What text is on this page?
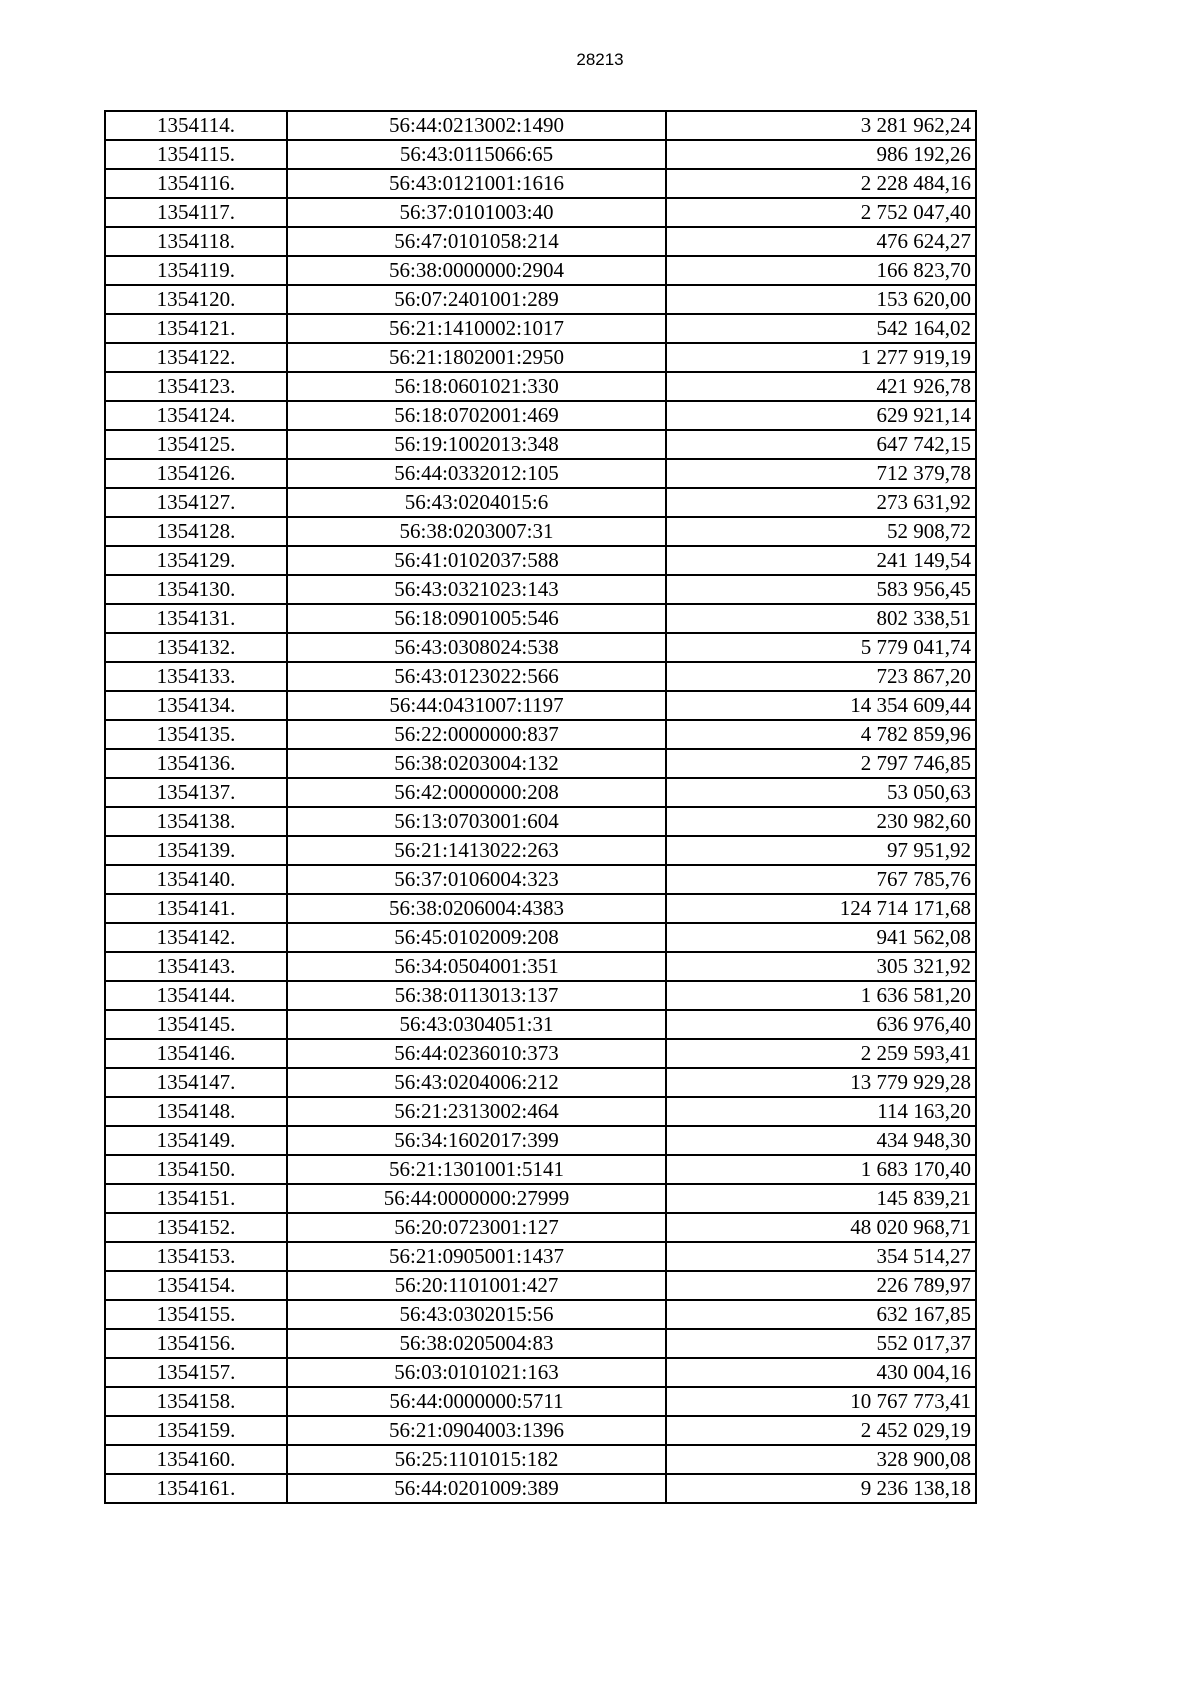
28213
1354114.	56:44:0213002:1490	3 281 962,24
1354115.	56:43:0115066:65	986 192,26
1354116.	56:43:0121001:1616	2 228 484,16
1354117.	56:37:0101003:40	2 752 047,40
1354118.	56:47:0101058:214	476 624,27
1354119.	56:38:0000000:2904	166 823,70
1354120.	56:07:2401001:289	153 620,00
1354121.	56:21:1410002:1017	542 164,02
1354122.	56:21:1802001:2950	1 277 919,19
1354123.	56:18:0601021:330	421 926,78
1354124.	56:18:0702001:469	629 921,14
1354125.	56:19:1002013:348	647 742,15
1354126.	56:44:0332012:105	712 379,78
1354127.	56:43:0204015:6	273 631,92
1354128.	56:38:0203007:31	52 908,72
1354129.	56:41:0102037:588	241 149,54
1354130.	56:43:0321023:143	583 956,45
1354131.	56:18:0901005:546	802 338,51
1354132.	56:43:0308024:538	5 779 041,74
1354133.	56:43:0123022:566	723 867,20
1354134.	56:44:0431007:1197	14 354 609,44
1354135.	56:22:0000000:837	4 782 859,96
1354136.	56:38:0203004:132	2 797 746,85
1354137.	56:42:0000000:208	53 050,63
1354138.	56:13:0703001:604	230 982,60
1354139.	56:21:1413022:263	97 951,92
1354140.	56:37:0106004:323	767 785,76
1354141.	56:38:0206004:4383	124 714 171,68
1354142.	56:45:0102009:208	941 562,08
1354143.	56:34:0504001:351	305 321,92
1354144.	56:38:0113013:137	1 636 581,20
1354145.	56:43:0304051:31	636 976,40
1354146.	56:44:0236010:373	2 259 593,41
1354147.	56:43:0204006:212	13 779 929,28
1354148.	56:21:2313002:464	114 163,20
1354149.	56:34:1602017:399	434 948,30
1354150.	56:21:1301001:5141	1 683 170,40
1354151.	56:44:0000000:27999	145 839,21
1354152.	56:20:0723001:127	48 020 968,71
1354153.	56:21:0905001:1437	354 514,27
1354154.	56:20:1101001:427	226 789,97
1354155.	56:43:0302015:56	632 167,85
1354156.	56:38:0205004:83	552 017,37
1354157.	56:03:0101021:163	430 004,16
1354158.	56:44:0000000:5711	10 767 773,41
1354159.	56:21:0904003:1396	2 452 029,19
1354160.	56:25:1101015:182	328 900,08
1354161.	56:44:0201009:389	9 236 138,18
